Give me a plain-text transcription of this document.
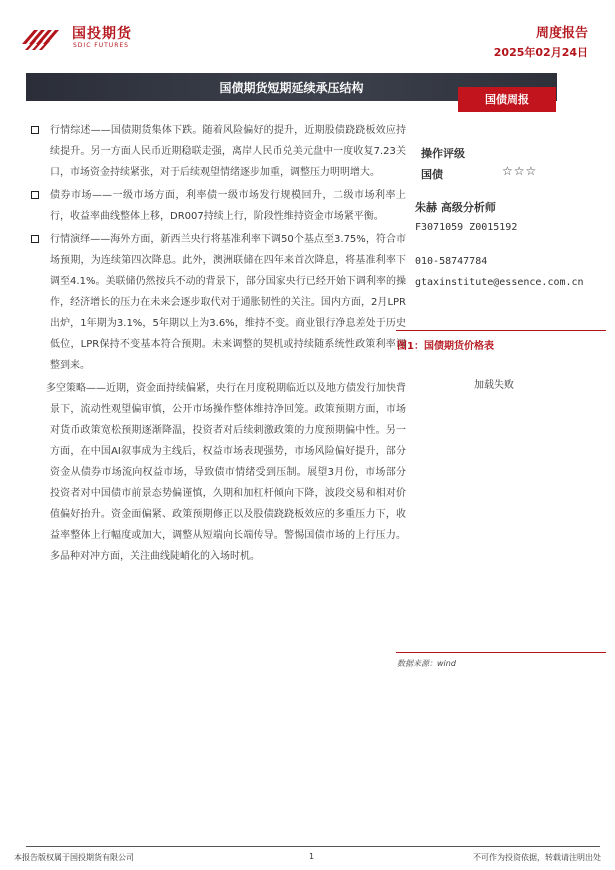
国投期货
SDIC FUTURES
周度报告
2025年02月24日
国债期货短期延续承压结构
国债周报
行情综述——国债期货集体下跌。随着风险偏好的提升，近期股债跷跷板效应持续提升。另一方面人民币近期稳联走强，离岸人民币兑美元盘中一度收复7.23关口，市场资金持续紧张，对于后续观望情绪逐步加重，调整压力明明增大。
债券市场——一级市场方面，利率债一级市场发行规模回升，二级市场利率上行，收益率曲线整体上移，DR007持续上行，阶段性维持资金市场紧平衡。
行情演绎——海外方面，新西兰央行将基准利率下调50个基点至3.75%，符合市场预期，为连续第四次降息。此外，澳洲联储在四年来首次降息，将基准利率下调至4.1%。美联储仍然按兵不动的背景下，部分国家央行已经开始下调利率的操作，经济增长的压力在未来会逐步取代对于通胀韧性的关注。国内方面，2月LPR出炉，1年期为3.1%，5年期以上为3.6%，维持不变。商业银行净息差处于历史低位，LPR保持不变基本符合预期。未来调整的契机或持续随系统性政策利率调整到来。
多空策略——近期，资金面持续偏紧，央行在月度税期临近以及地方债发行加快背景下，流动性观望偏审慎，公开市场操作整体维持净回笼。政策预期方面，市场对货币政策宽松预期逐渐降温，投资者对后续刺激政策的力度预期偏中性。另一方面，在中国AI叙事成为主线后，权益市场表现强势，市场风险偏好提升，部分资金从债券市场流向权益市场，导致债市情绪受到压制。展望3月份，市场部分投资者对中国债市前景态势偏谨慎，久期和加杠杆倾向下降，波段交易和相对价值偏好抬升。资金面偏紧、政策预期修正以及股债跷跷板效应的多重压力下，收益率整体上行幅度或加大，调整从短端向长端传导。警惕国债市场的上行压力。多品种对冲方面，关注曲线陡峭化的入场时机。
操作评级
国债	☆☆☆
朱赫 高级分析师
F3071059 Z0015192
010-58747784
gtaxinstitute@essence.com.cn
图1：国债期货价格表
加载失败
数据来源：wind
本报告版权属于国投期货有限公司	1	不可作为投资依据，转载请注明出处
